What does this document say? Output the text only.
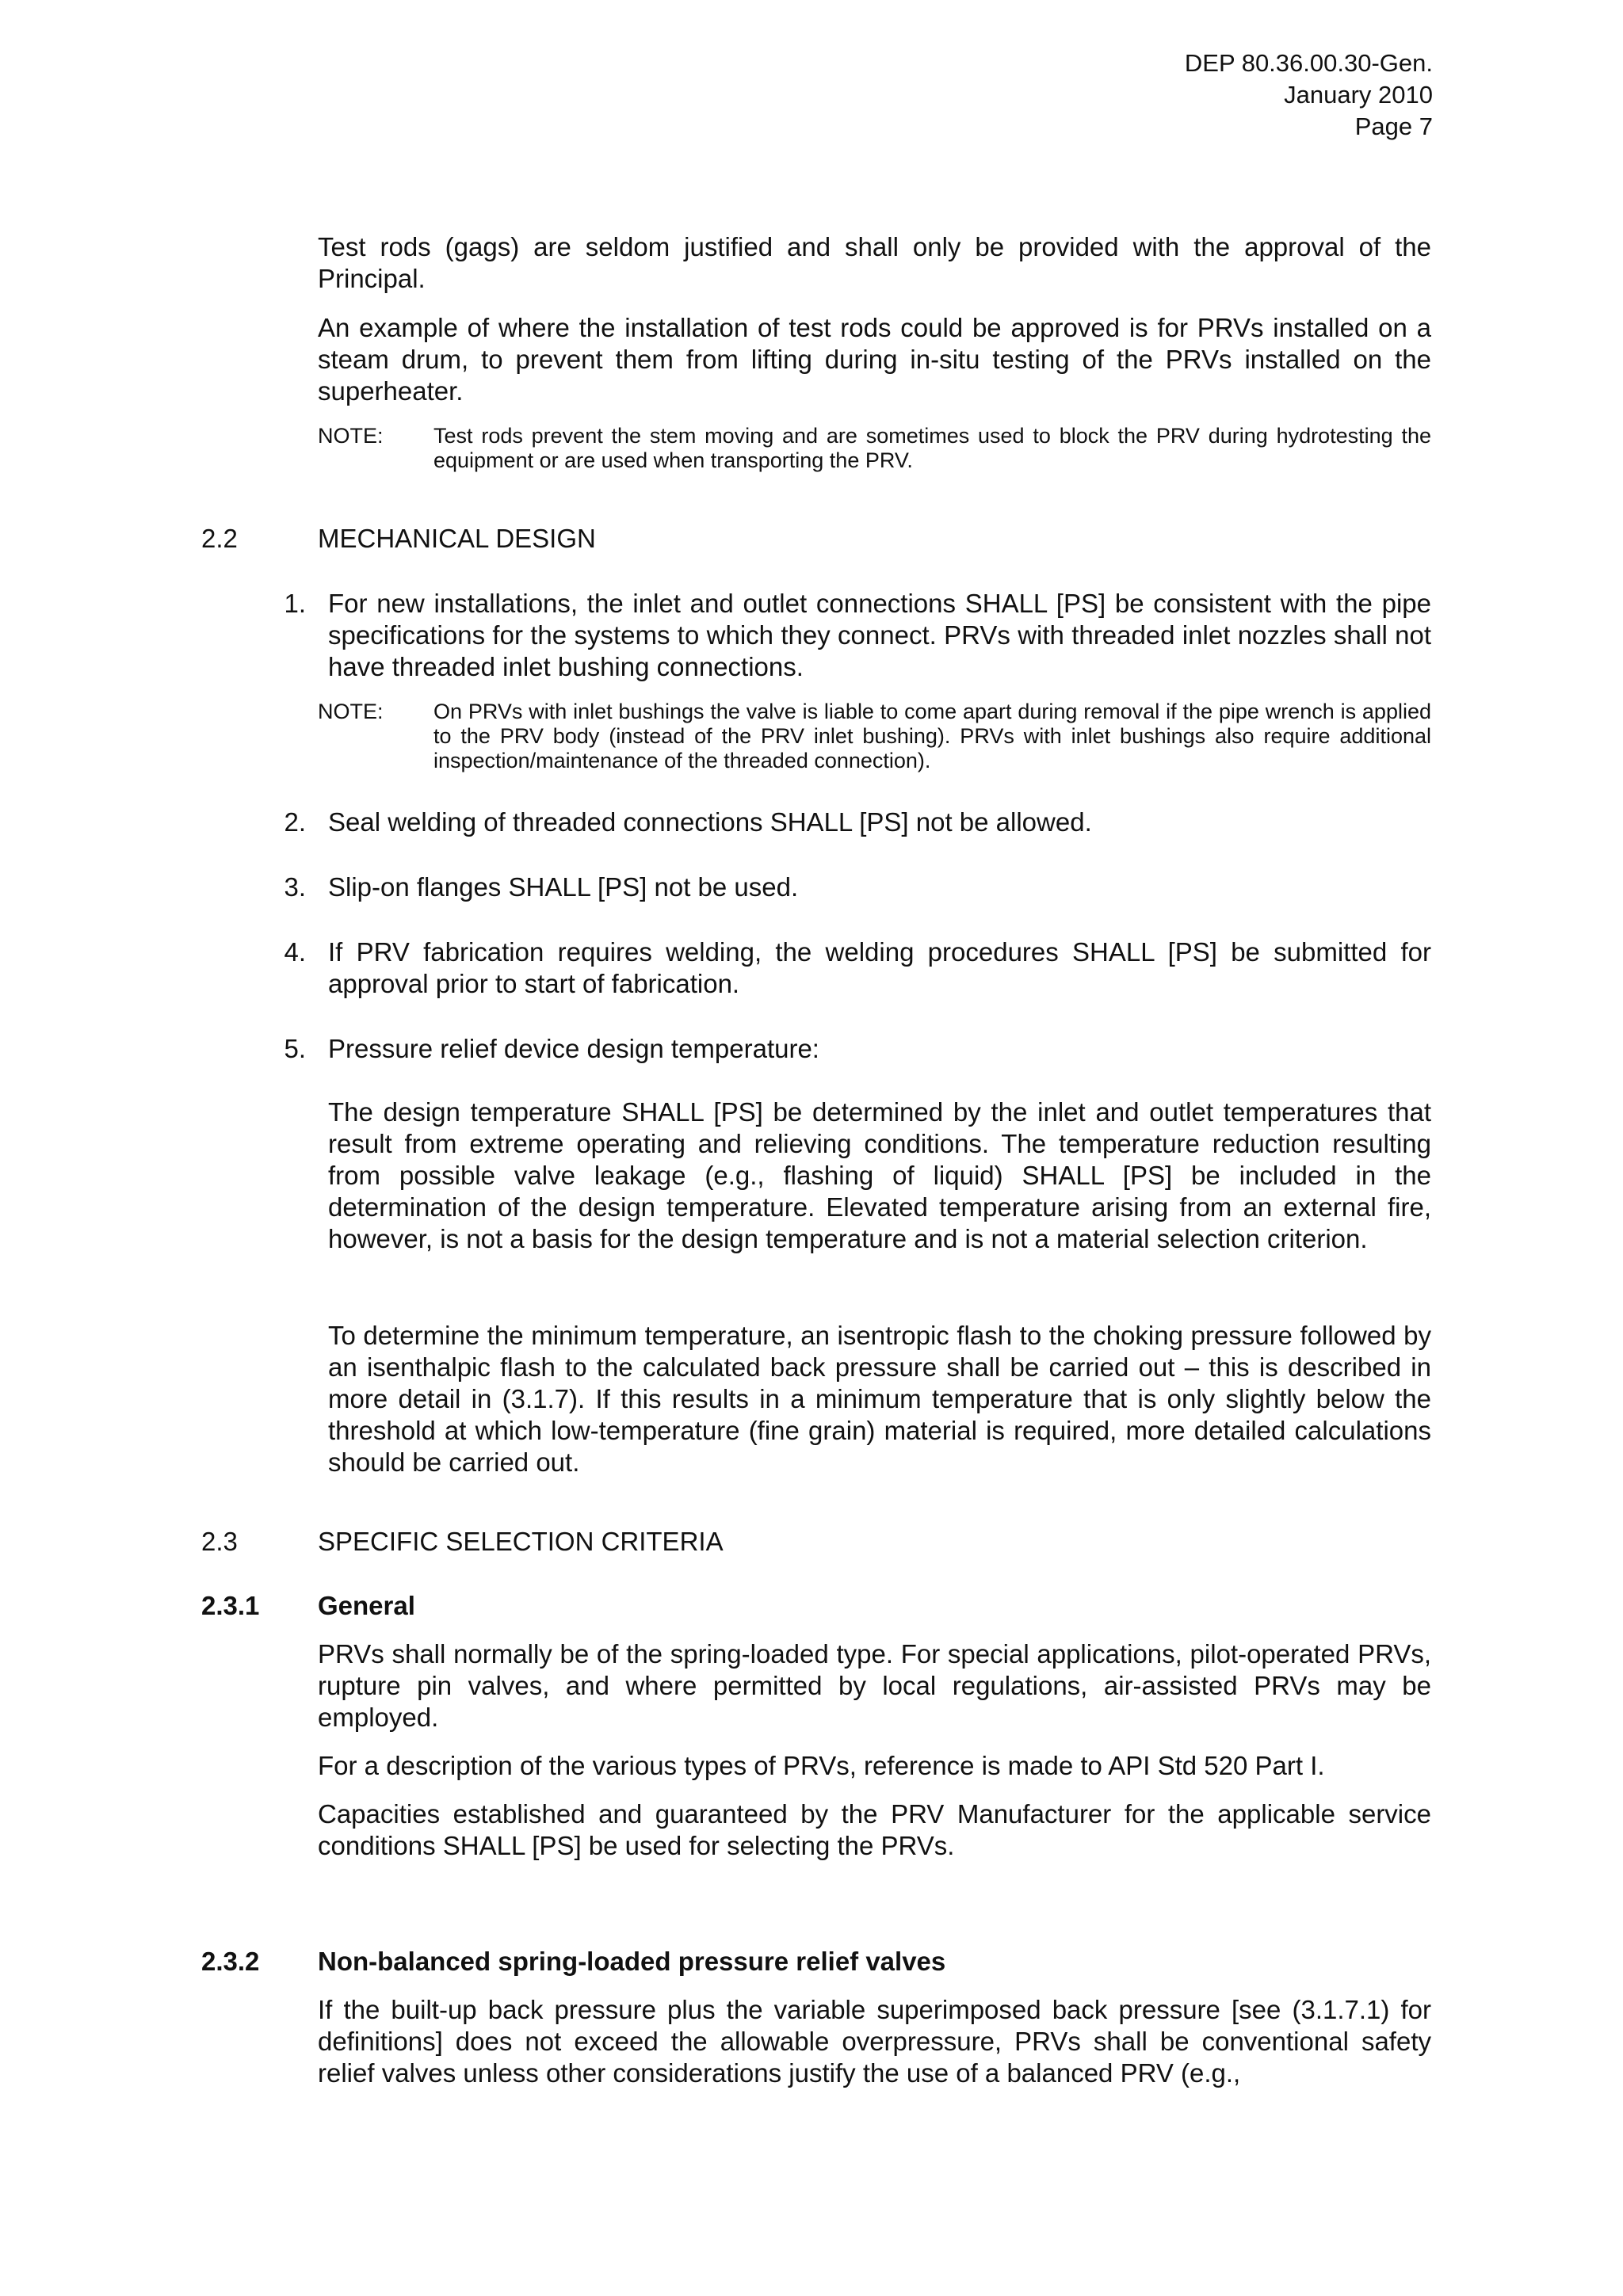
DEP 80.36.00.30-Gen.
January 2010
Page 7

Test rods (gags) are seldom justified and shall only be provided with the approval of the Principal.

An example of where the installation of test rods could be approved is for PRVs installed on a steam drum, to prevent them from lifting during in-situ testing of the PRVs installed on the superheater.

NOTE:	Test rods prevent the stem moving and are sometimes used to block the PRV during hydrotesting the equipment or are used when transporting the PRV.
2.2	MECHANICAL DESIGN
1. For new installations, the inlet and outlet connections SHALL [PS] be consistent with the pipe specifications for the systems to which they connect. PRVs with threaded inlet nozzles shall not have threaded inlet bushing connections.
NOTE:	On PRVs with inlet bushings the valve is liable to come apart during removal if the pipe wrench is applied to the PRV body (instead of the PRV inlet bushing). PRVs with inlet bushings also require additional inspection/maintenance of the threaded connection).
2. Seal welding of threaded connections SHALL [PS] not be allowed.
3. Slip-on flanges SHALL [PS] not be used.
4. If PRV fabrication requires welding, the welding procedures SHALL [PS] be submitted for approval prior to start of fabrication.
5. Pressure relief device design temperature:

The design temperature SHALL [PS] be determined by the inlet and outlet temperatures that result from extreme operating and relieving conditions. The temperature reduction resulting from possible valve leakage (e.g., flashing of liquid) SHALL [PS] be included in the determination of the design temperature. Elevated temperature arising from an external fire, however, is not a basis for the design temperature and is not a material selection criterion.

To determine the minimum temperature, an isentropic flash to the choking pressure followed by an isenthalpic flash to the calculated back pressure shall be carried out – this is described in more detail in (3.1.7). If this results in a minimum temperature that is only slightly below the threshold at which low-temperature (fine grain) material is required, more detailed calculations should be carried out.

2.3	SPECIFIC SELECTION CRITERIA
2.3.1 General

PRVs shall normally be of the spring-loaded type. For special applications, pilot-operated PRVs, rupture pin valves, and where permitted by local regulations, air-assisted PRVs may be employed.

For a description of the various types of PRVs, reference is made to API Std 520 Part I.

Capacities established and guaranteed by the PRV Manufacturer for the applicable service conditions SHALL [PS] be used for selecting the PRVs.

2.3.2 Non-balanced spring-loaded pressure relief valves

If the built-up back pressure plus the variable superimposed back pressure [see (3.1.7.1) for definitions] does not exceed the allowable overpressure, PRVs shall be conventional safety relief valves unless other considerations justify the use of a balanced PRV (e.g.,
